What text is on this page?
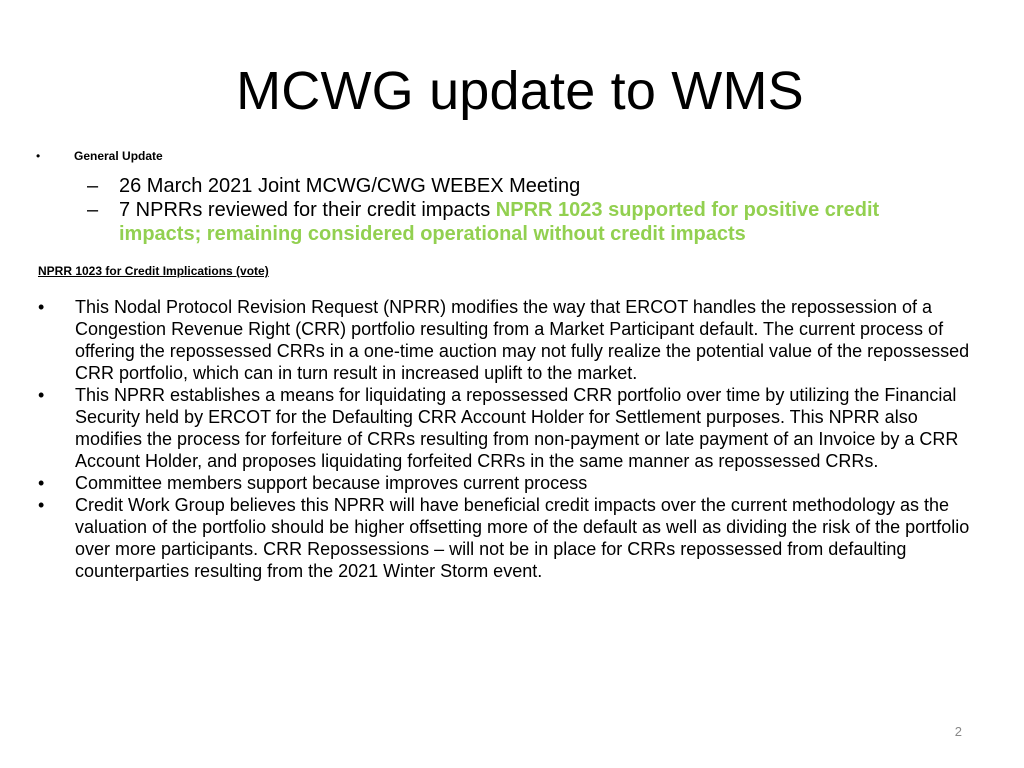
MCWG update to WMS
•	General Update
– 26 March 2021 Joint MCWG/CWG WEBEX Meeting
– 7 NPRRs reviewed for their credit impacts NPRR 1023 supported for positive credit impacts; remaining considered operational without credit impacts
NPRR 1023 for Credit Implications (vote)
• This Nodal Protocol Revision Request (NPRR) modifies the way that ERCOT handles the repossession of a Congestion Revenue Right (CRR) portfolio resulting from a Market Participant default. The current process of offering the repossessed CRRs in a one-time auction may not fully realize the potential value of the repossessed CRR portfolio, which can in turn result in increased uplift to the market.
• This NPRR establishes a means for liquidating a repossessed CRR portfolio over time by utilizing the Financial Security held by ERCOT for the Defaulting CRR Account Holder for Settlement purposes. This NPRR also modifies the process for forfeiture of CRRs resulting from non-payment or late payment of an Invoice by a CRR Account Holder, and proposes liquidating forfeited CRRs in the same manner as repossessed CRRs.
• Committee members support because improves current process
• Credit Work Group believes this NPRR will have beneficial credit impacts over the current methodology as the valuation of the portfolio should be higher offsetting more of the default as well as dividing the risk of the portfolio over more participants. CRR Repossessions – will not be in place for CRRs repossessed from defaulting counterparties resulting from the 2021 Winter Storm event.
2
